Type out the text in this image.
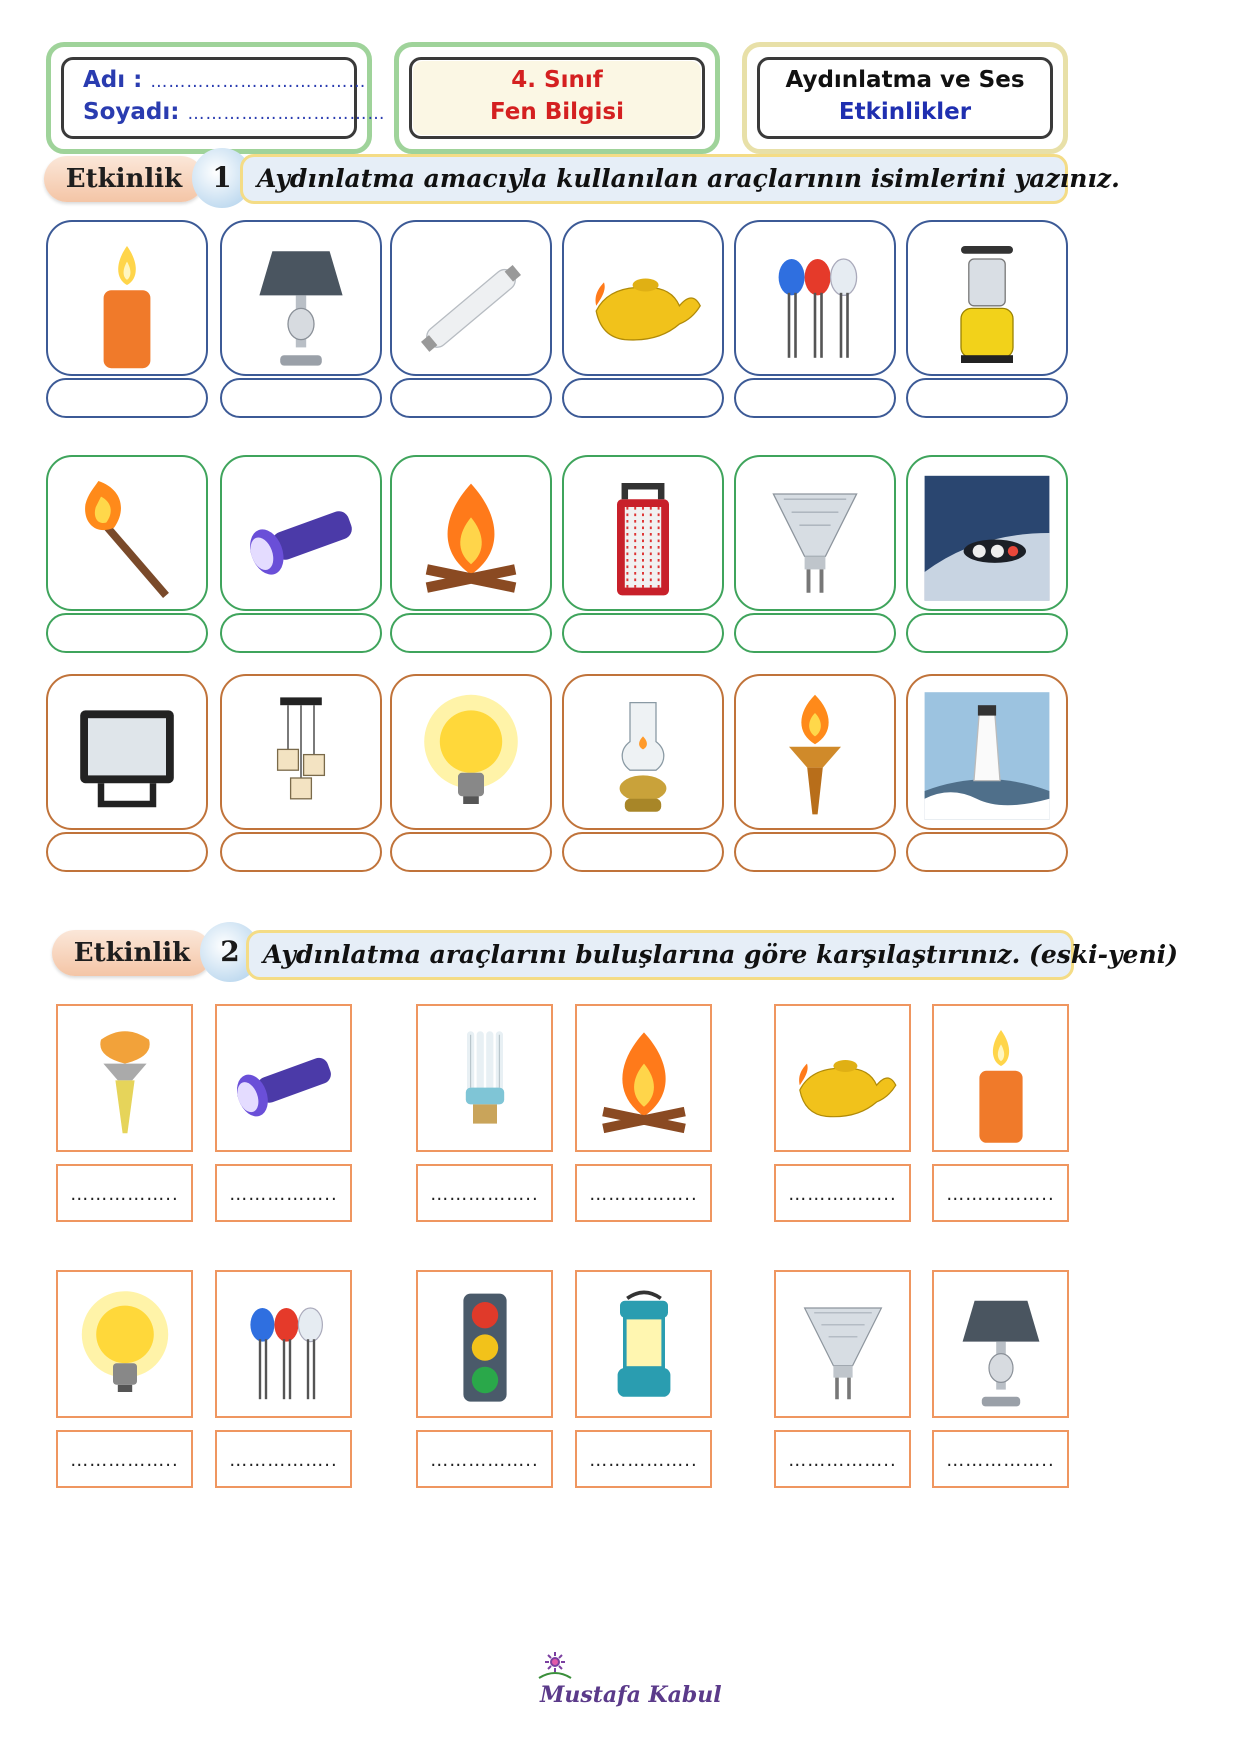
Adı : ………………………………
Soyadı: ……………………………
4. Sınıf
Fen Bilgisi
Aydınlatma ve Ses
Etkinlikler
Etkinlik	1	Aydınlatma amacıyla kullanılan araçlarının isimlerini yazınız.
Etkinlik	2 Aydınlatma araçlarını buluşlarına göre karşılaştırınız. (eski-yeni)
……………..	……………..	……………..	……………..	……………..	……………..
……………..	……………..	……………..	……………..	……………..	……………..
Mustafa Kabul
